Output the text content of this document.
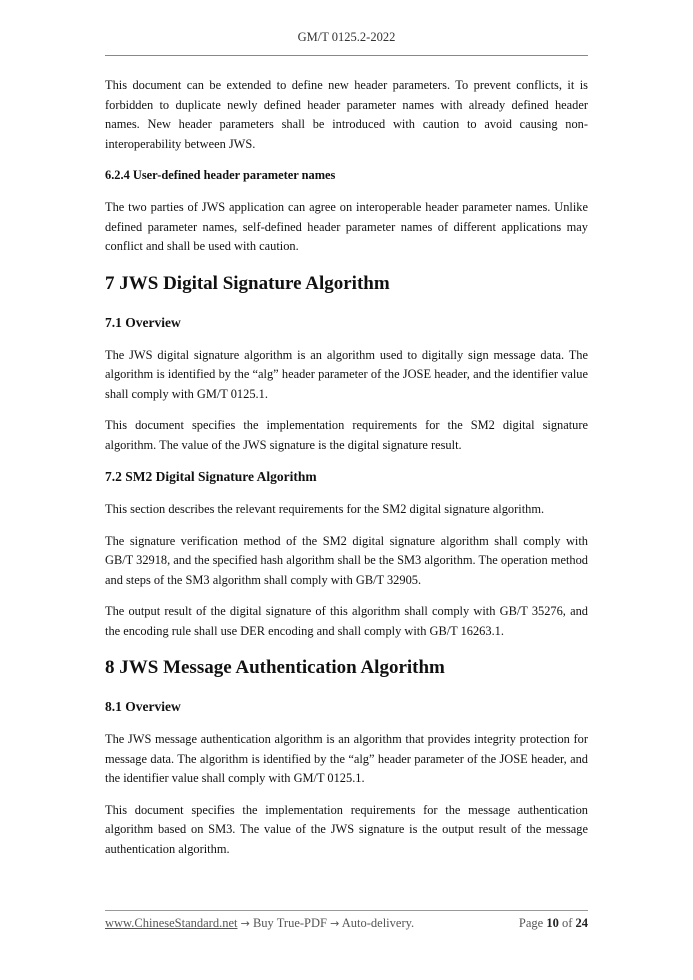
GM/T 0125.2-2022

This document can be extended to define new header parameters. To prevent conflicts, it is forbidden to duplicate newly defined header parameter names with already defined header names. New header parameters shall be introduced with caution to avoid causing non-interoperability between JWS.

6.2.4 User-defined header parameter names

The two parties of JWS application can agree on interoperable header parameter names. Unlike defined parameter names, self-defined header parameter names of different applications may conflict and shall be used with caution.

7 JWS Digital Signature Algorithm
7.1 Overview

The JWS digital signature algorithm is an algorithm used to digitally sign message data. The algorithm is identified by the “alg” header parameter of the JOSE header, and the identifier value shall comply with GM/T 0125.1.

This document specifies the implementation requirements for the SM2 digital signature algorithm. The value of the JWS signature is the digital signature result.

7.2 SM2 Digital Signature Algorithm

This section describes the relevant requirements for the SM2 digital signature algorithm.

The signature verification method of the SM2 digital signature algorithm shall comply with GB/T 32918, and the specified hash algorithm shall be the SM3 algorithm. The operation method and steps of the SM3 algorithm shall comply with GB/T 32905.

The output result of the digital signature of this algorithm shall comply with GB/T 35276, and the encoding rule shall use DER encoding and shall comply with GB/T 16263.1.

8 JWS Message Authentication Algorithm
8.1 Overview

The JWS message authentication algorithm is an algorithm that provides integrity protection for message data. The algorithm is identified by the “alg” header parameter of the JOSE header, and the identifier value shall comply with GM/T 0125.1.

This document specifies the implementation requirements for the message authentication algorithm based on SM3. The value of the JWS signature is the output result of the message authentication algorithm.

www.ChineseStandard.net → Buy True-PDF → Auto-delivery.	Page 10 of 24
